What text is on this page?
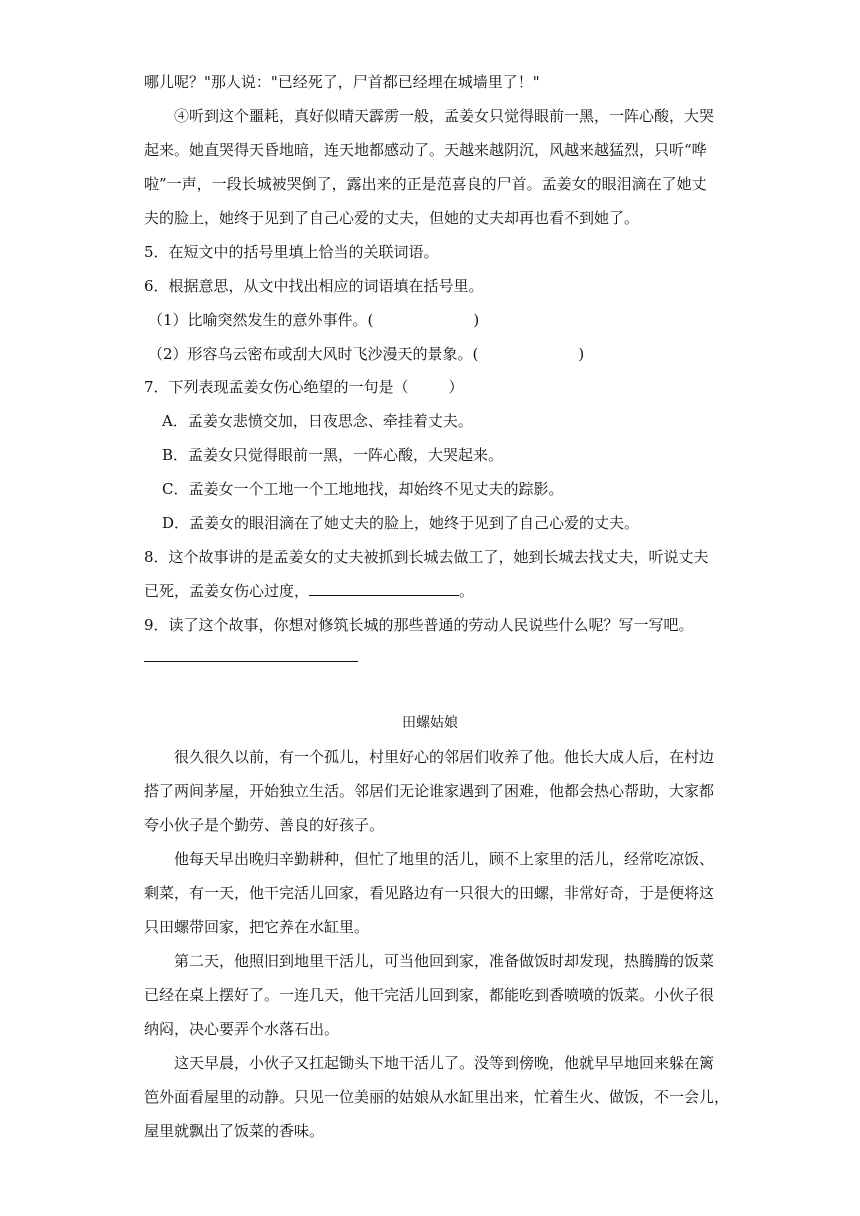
哪儿呢？"那人说："已经死了，尸首都已经埋在城墙里了！"
④听到这个噩耗，真好似晴天霹雳一般，孟姜女只觉得眼前一黑，一阵心酸，大哭
起来。她直哭得天昏地暗，连天地都感动了。天越来越阴沉，风越来越猛烈，只听“哗
啦”一声，一段长城被哭倒了，露出来的正是范喜良的尸首。孟姜女的眼泪滴在了她丈
夫的脸上，她终于见到了自己心爱的丈夫，但她的丈夫却再也看不到她了。
5．在短文中的括号里填上恰当的关联词语。
6．根据意思，从文中找出相应的词语填在括号里。
（1）比喻突然发生的意外事件。(	)
（2）形容乌云密布或刮大风时飞沙漫天的景象。(	)
7．下列表现孟姜女伤心绝望的一句是（	）
A．孟姜女悲愤交加，日夜思念、牵挂着丈夫。
B．孟姜女只觉得眼前一黑，一阵心酸，大哭起来。
C．孟姜女一个工地一个工地地找，却始终不见丈夫的踪影。
D．孟姜女的眼泪滴在了她丈夫的脸上，她终于见到了自己心爱的丈夫。
8．这个故事讲的是孟姜女的丈夫被抓到长城去做工了，她到长城去找丈夫，听说丈夫
已死，孟姜女伤心过度，	。
9．读了这个故事，你想对修筑长城的那些普通的劳动人民说些什么呢？写一写吧。
田螺姑娘
很久很久以前，有一个孤儿，村里好心的邻居们收养了他。他长大成人后，在村边
搭了两间茅屋，开始独立生活。邻居们无论谁家遇到了困难，他都会热心帮助，大家都
夸小伙子是个勤劳、善良的好孩子。
他每天早出晚归辛勤耕种，但忙了地里的活儿，顾不上家里的活儿，经常吃凉饭、
剩菜，有一天，他干完活儿回家，看见路边有一只很大的田螺，非常好奇，于是便将这
只田螺带回家，把它养在水缸里。
第二天，他照旧到地里干活儿，可当他回到家，准备做饭时却发现，热腾腾的饭菜
已经在桌上摆好了。一连几天，他干完活儿回到家，都能吃到香喷喷的饭菜。小伙子很
纳闷，决心要弄个水落石出。
这天早晨，小伙子又扛起锄头下地干活儿了。没等到傍晚，他就早早地回来躲在篱
笆外面看屋里的动静。只见一位美丽的姑娘从水缸里出来，忙着生火、做饭，不一会儿，
屋里就飘出了饭菜的香味。
